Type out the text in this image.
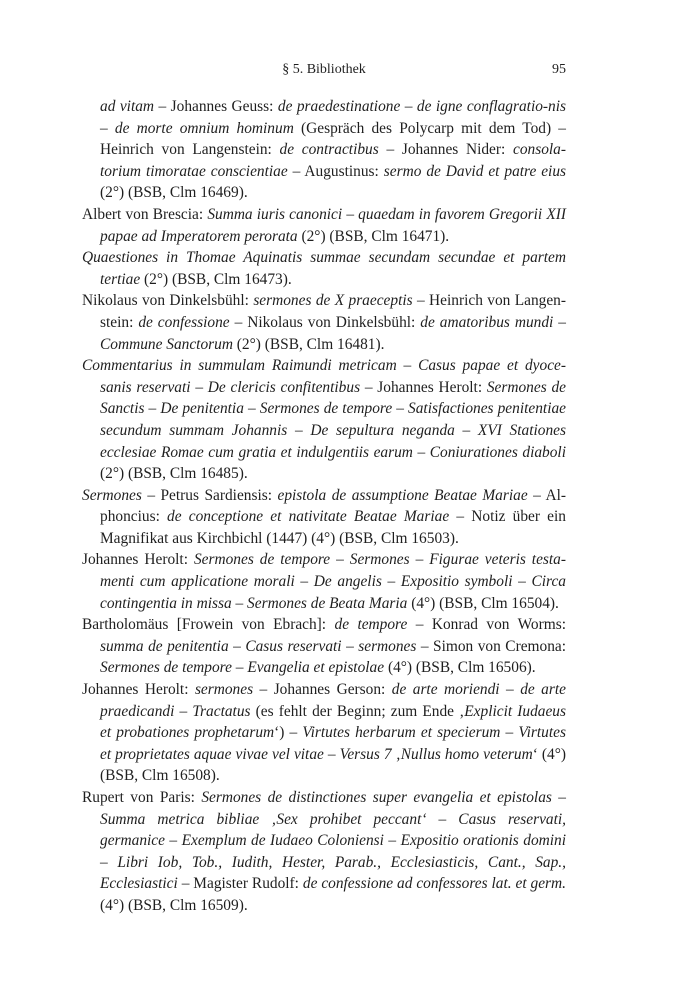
§ 5. Bibliothek	95

ad vitam – Johannes Geuss: de praedestinatione – de igne conflagratio-nis – de morte omnium hominum (Gespräch des Polycarp mit dem Tod) – Heinrich von Langenstein: de contractibus – Johannes Nider: consola-torium timoratae conscientiae – Augustinus: sermo de David et patre eius (2°) (BSB, Clm 16469).

Albert von Brescia: Summa iuris canonici – quaedam in favorem Gregorii XII papae ad Imperatorem perorata (2°) (BSB, Clm 16471).

Quaestiones in Thomae Aquinatis summae secundam secundae et partem tertiae (2°) (BSB, Clm 16473).

Nikolaus von Dinkelsbühl: sermones de X praeceptis – Heinrich von Langen-stein: de confessione – Nikolaus von Dinkelsbühl: de amatoribus mundi – Commune Sanctorum (2°) (BSB, Clm 16481).

Commentarius in summulam Raimundi metricam – Casus papae et dyoce-sanis reservati – De clericis confitentibus – Johannes Herolt: Sermones de Sanctis – De penitentia – Sermones de tempore – Satisfactiones penitentiae secundum summam Johannis – De sepultura neganda – XVI Stationes ecclesiae Romae cum gratia et indulgentiis earum – Coniurationes diaboli (2°) (BSB, Clm 16485).

Sermones – Petrus Sardiensis: epistola de assumptione Beatae Mariae – Al-phoncius: de conceptione et nativitate Beatae Mariae – Notiz über ein Magnifikat aus Kirchbichl (1447) (4°) (BSB, Clm 16503).

Johannes Herolt: Sermones de tempore – Sermones – Figurae veteris testa-menti cum applicatione morali – De angelis – Expositio symboli – Circa contingentia in missa – Sermones de Beata Maria (4°) (BSB, Clm 16504).

Bartholomäus [Frowein von Ebrach]: de tempore – Konrad von Worms: summa de penitentia – Casus reservati – sermones – Simon von Cremona: Sermones de tempore – Evangelia et epistolae (4°) (BSB, Clm 16506).

Johannes Herolt: sermones – Johannes Gerson: de arte moriendi – de arte praedicandi – Tractatus (es fehlt der Beginn; zum Ende ‚Explicit Iudaeus et probationes prophetarum‘) – Virtutes herbarum et specierum – Virtutes et proprietates aquae vivae vel vitae – Versus 7 ‚Nullus homo veterum‘ (4°) (BSB, Clm 16508).

Rupert von Paris: Sermones de distinctiones super evangelia et epistolas – Summa metrica bibliae ‚Sex prohibet peccant‘ – Casus reservati, germanice – Exemplum de Iudaeo Coloniensi – Expositio orationis domini – Libri Iob, Tob., Iudith, Hester, Parab., Ecclesiasticis, Cant., Sap., Ecclesiastici – Magister Rudolf: de confessione ad confessores lat. et germ. (4°) (BSB, Clm 16509).
